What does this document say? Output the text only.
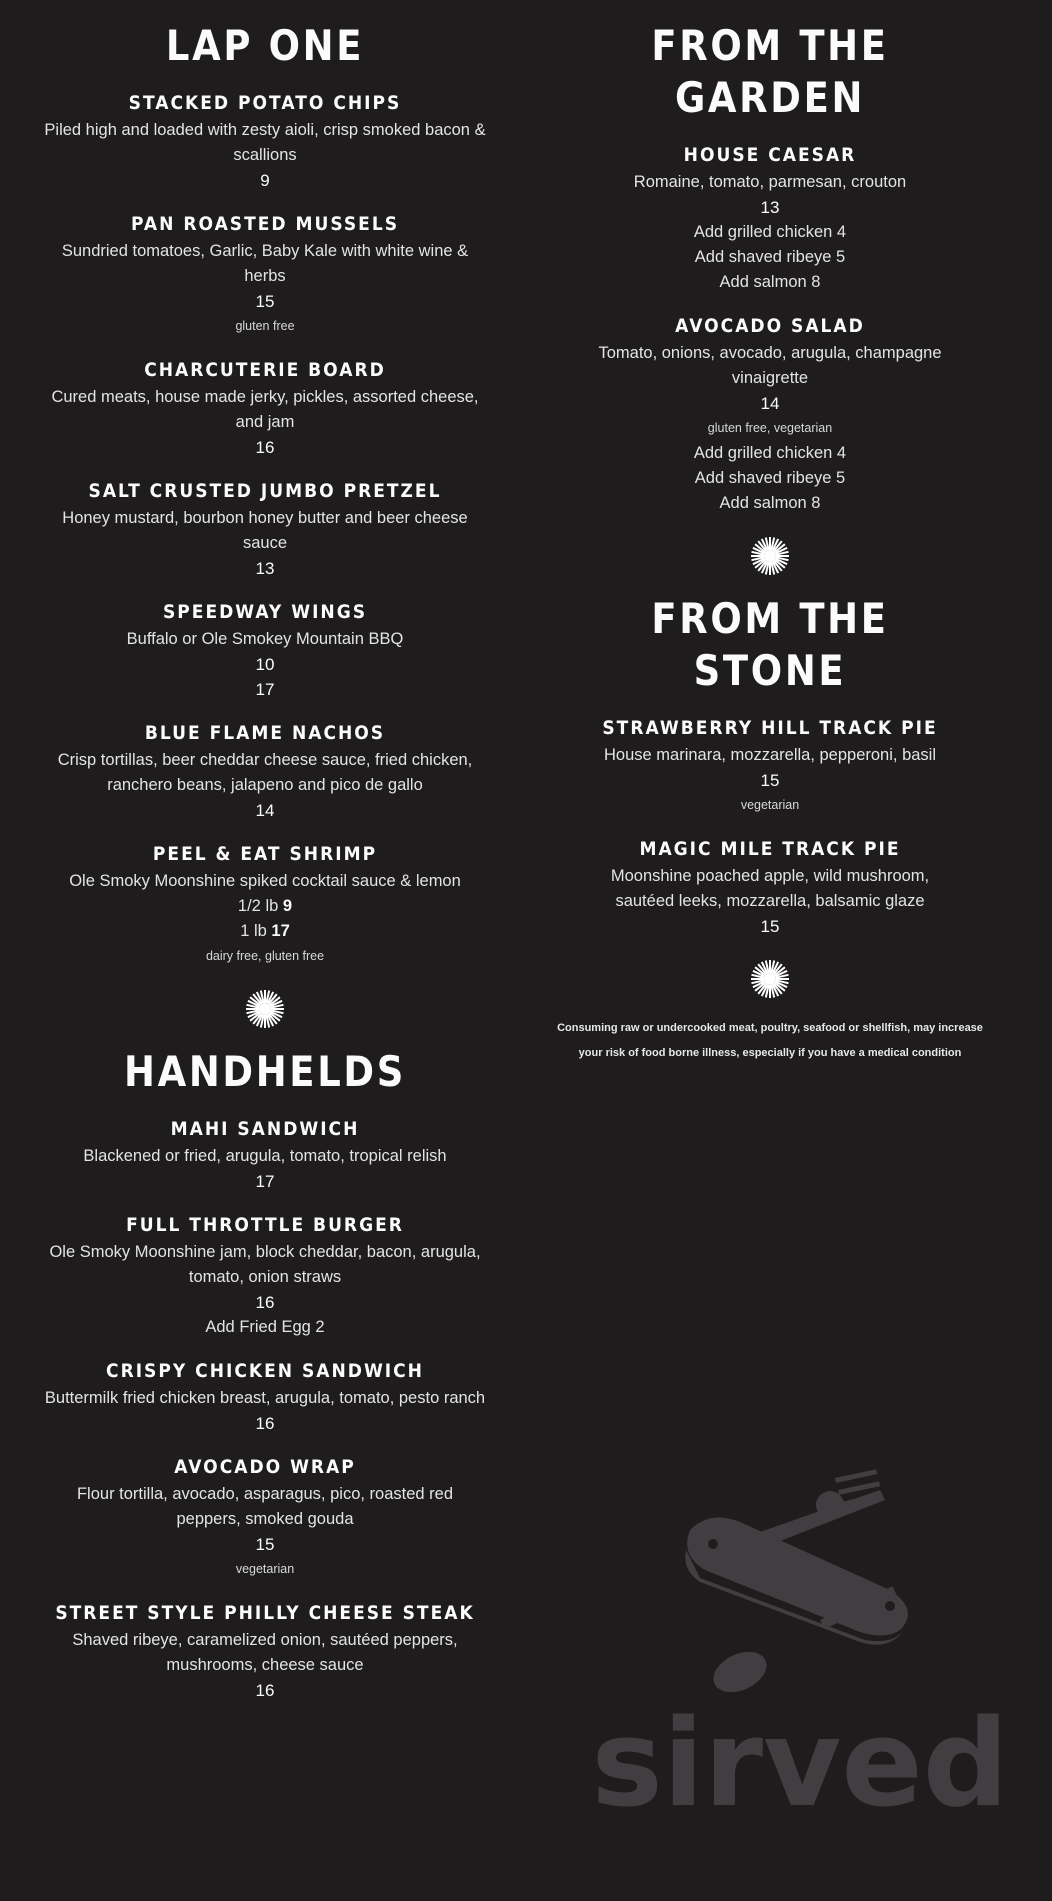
LAP ONE
STACKED POTATO CHIPS
Piled high and loaded with zesty aioli, crisp smoked bacon & scallions
9
PAN ROASTED MUSSELS
Sundried tomatoes, Garlic, Baby Kale with white wine & herbs
15
gluten free
CHARCUTERIE BOARD
Cured meats, house made jerky, pickles, assorted cheese, and jam
16
SALT CRUSTED JUMBO PRETZEL
Honey mustard, bourbon honey butter and beer cheese sauce
13
SPEEDWAY WINGS
Buffalo or Ole Smokey Mountain BBQ
10
17
BLUE FLAME NACHOS
Crisp tortillas, beer cheddar cheese sauce, fried chicken, ranchero beans, jalapeno and pico de gallo
14
PEEL & EAT SHRIMP
Ole Smoky Moonshine spiked cocktail sauce & lemon
1/2 lb 9
1 lb 17
dairy free, gluten free
HANDHELDS
MAHI SANDWICH
Blackened or fried, arugula, tomato, tropical relish
17
FULL THROTTLE BURGER
Ole Smoky Moonshine jam, block cheddar, bacon, arugula, tomato, onion straws
16
Add Fried Egg 2
CRISPY CHICKEN SANDWICH
Buttermilk fried chicken breast, arugula, tomato, pesto ranch
16
AVOCADO WRAP
Flour tortilla, avocado, asparagus, pico, roasted red peppers, smoked gouda
15
vegetarian
STREET STYLE PHILLY CHEESE STEAK
Shaved ribeye, caramelized onion, sautéed peppers, mushrooms, cheese sauce
16
FROM THE GARDEN
HOUSE CAESAR
Romaine, tomato, parmesan, crouton
13
Add grilled chicken 4
Add shaved ribeye 5
Add salmon 8
AVOCADO SALAD
Tomato, onions, avocado, arugula, champagne vinaigrette
14
gluten free, vegetarian
Add grilled chicken 4
Add shaved ribeye 5
Add salmon 8
FROM THE STONE
STRAWBERRY HILL TRACK PIE
House marinara, mozzarella, pepperoni, basil
15
vegetarian
MAGIC MILE TRACK PIE
Moonshine poached apple, wild mushroom, sautéed leeks, mozzarella, balsamic glaze
15
Consuming raw or undercooked meat, poultry, seafood or shellfish, may increase your risk of food borne illness, especially if you have a medical condition
sirved
